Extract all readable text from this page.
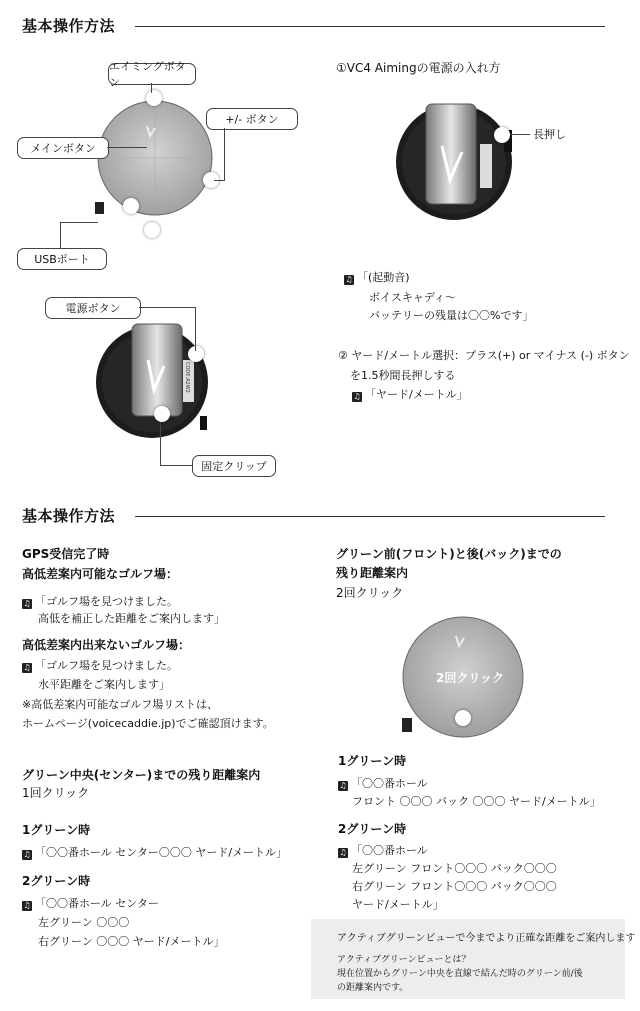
基本操作方法
エイミングボタン
+/- ボタン
メインボタン
USBポート
CODE:A2W2
電源ボタン
固定クリップ
①VC4 Aimingの電源の入れ方
長押し
♫ 「(起動音)
ボイスキャディ～
バッテリーの残量は〇〇%です」
② ヤード/メートル選択：プラス(+) or マイナス (-) ボタン
を1.5秒間長押しする
♫ 「ヤード/メートル」
基本操作方法
GPS受信完了時
高低差案内可能なゴルフ場：
♫ 「ゴルフ場を見つけました。
高低を補正した距離をご案内します」
高低差案内出来ないゴルフ場：
♫ 「ゴルフ場を見つけました。
水平距離をご案内します」
※高低差案内可能なゴルフ場リストは、
ホームページ(voicecaddie.jp)でご確認頂けます。
グリーン中央(センター)までの残り距離案内
1回クリック
1グリーン時
♫ 「〇〇番ホール センター〇〇〇 ヤード/メートル」
2グリーン時
♫ 「〇〇番ホール センター
左グリーン 〇〇〇
右グリーン 〇〇〇 ヤード/メートル」
グリーン前(フロント)と後(バック)までの
残り距離案内
2回クリック
2回クリック
1グリーン時
♫ 「〇〇番ホール
フロント 〇〇〇 バック 〇〇〇 ヤード/メートル」
2グリーン時
♫ 「〇〇番ホール
左グリーン フロント〇〇〇 バック〇〇〇
右グリーン フロント〇〇〇 バック〇〇〇
ヤード/メートル」
アクティブグリーンビューで今までより正確な距離をご案内します
アクティブグリーンビューとは？
現在位置からグリーン中央を直線で結んだ時のグリーン前/後
の距離案内です。
